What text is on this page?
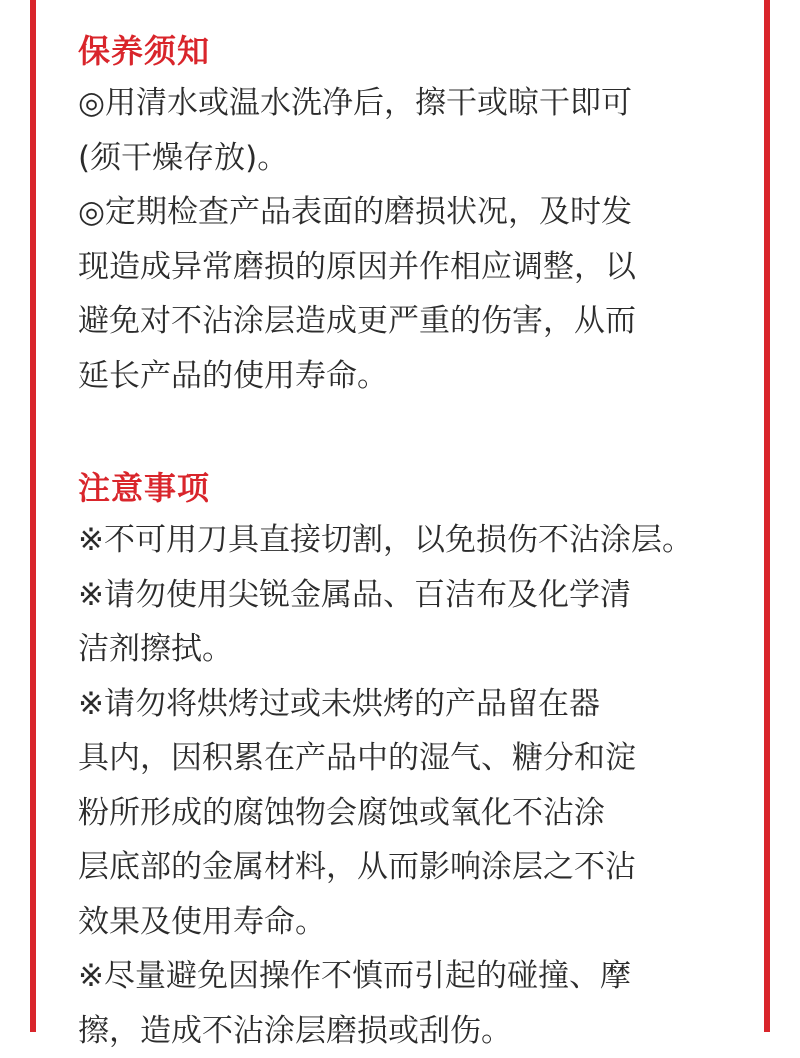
保养须知

◎用清水或温水洗净后，擦干或晾干即可

(须干燥存放)。

◎定期检查产品表面的磨损状况，及时发

现造成异常磨损的原因并作相应调整，以

避免对不沾涂层造成更严重的伤害，从而

延长产品的使用寿命。

注意事项

※不可用刀具直接切割，以免损伤不沾涂层。

※请勿使用尖锐金属品、百洁布及化学清

洁剂擦拭。

※请勿将烘烤过或未烘烤的产品留在器

具内，因积累在产品中的湿气、糖分和淀

粉所形成的腐蚀物会腐蚀或氧化不沾涂

层底部的金属材料，从而影响涂层之不沾

效果及使用寿命。

※尽量避免因操作不慎而引起的碰撞、摩

擦，造成不沾涂层磨损或刮伤。
